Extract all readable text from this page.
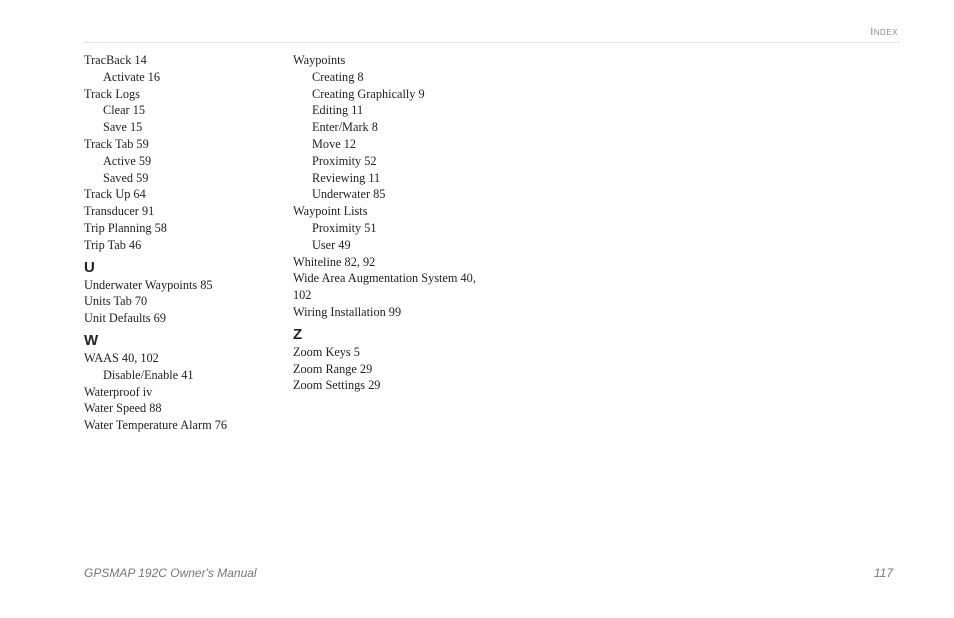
Index
TracBack 14
Activate 16
Track Logs
Clear 15
Save 15
Track Tab 59
Active 59
Saved 59
Track Up 64
Transducer 91
Trip Planning 58
Trip Tab 46
U
Underwater Waypoints 85
Units Tab 70
Unit Defaults 69
W
WAAS 40, 102
Disable/Enable 41
Waterproof iv
Water Speed 88
Water Temperature Alarm 76
Waypoints
Creating 8
Creating Graphically 9
Editing 11
Enter/Mark 8
Move 12
Proximity 52
Reviewing 11
Underwater 85
Waypoint Lists
Proximity 51
User 49
Whiteline 82, 92
Wide Area Augmentation System 40,
102
Wiring Installation 99
Z
Zoom Keys 5
Zoom Range 29
Zoom Settings 29
GPSMAP 192C Owner's Manual	117
